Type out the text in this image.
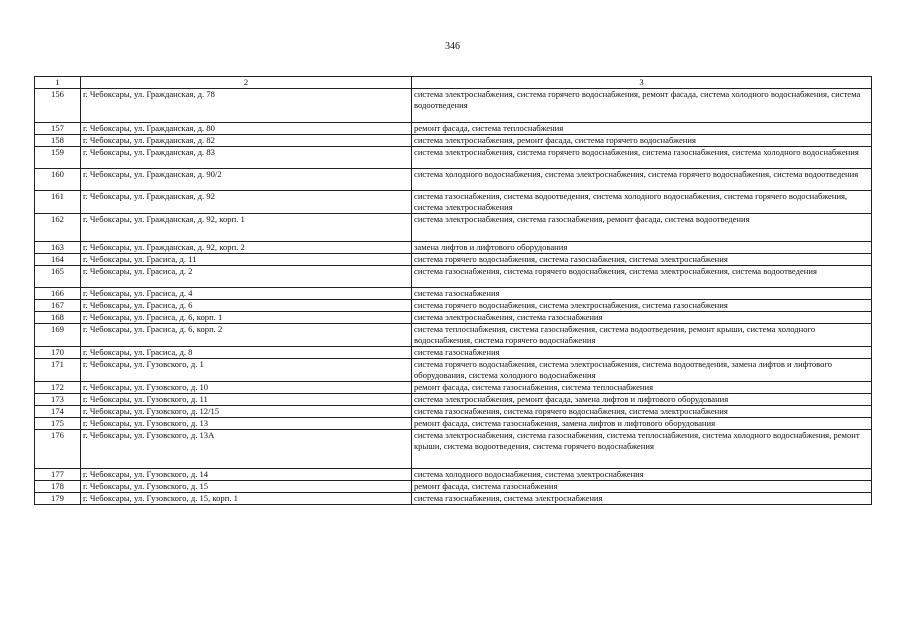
346
1	2	3
156	г. Чебоксары, ул. Гражданская, д. 78	система электроснабжения, система горячего водоснабжения, ремонт фасада, система холодного водоснабжения, система водоотведения
157	г. Чебоксары, ул. Гражданская, д. 80	ремонт фасада, система теплоснабжения
158	г. Чебоксары, ул. Гражданская, д. 82	система электроснабжения, ремонт фасада, система горячего водоснабжения
159	г. Чебоксары, ул. Гражданская, д. 83	система электроснабжения, система горячего водоснабжения, система газоснабжения, система холодного водоснабжения
160	г. Чебоксары, ул. Гражданская, д. 90/2	система холодного водоснабжения, система электроснабжения, система горячего водоснабжения, система водоотведения
161	г. Чебоксары, ул. Гражданская, д. 92	система газоснабжения, система водоотведения, система холодного водоснабжения, система горячего водоснабжения, система электроснабжения
162	г. Чебоксары, ул. Гражданская, д. 92, корп. 1	система электроснабжения, система газоснабжения, ремонт фасада, система водоотведения
163	г. Чебоксары, ул. Гражданская, д. 92, корп. 2	замена лифтов и лифтового оборудования
164	г. Чебоксары, ул. Грасиса, д. 11	система горячего водоснабжения, система газоснабжения, система электроснабжения
165	г. Чебоксары, ул. Грасиса, д. 2	система газоснабжения, система горячего водоснабжения, система электроснабжения, система водоотведения
166	г. Чебоксары, ул. Грасиса, д. 4	система газоснабжения
167	г. Чебоксары, ул. Грасиса, д. 6	система горячего водоснабжения, система электроснабжения, система газоснабжения
168	г. Чебоксары, ул. Грасиса, д. 6, корп. 1	система электроснабжения, система газоснабжения
169	г. Чебоксары, ул. Грасиса, д. 6, корп. 2	система теплоснабжения, система газоснабжения, система водоотведения, ремонт крыши, система холодного водоснабжения, система горячего водоснабжения
170	г. Чебоксары, ул. Грасиса, д. 8	система газоснабжения
171	г. Чебоксары, ул. Гузовского, д. 1	система горячего водоснабжения, система электроснабжения, система водоотведения, замена лифтов и лифтового оборудования, система холодного водоснабжения
172	г. Чебоксары, ул. Гузовского, д. 10	ремонт фасада, система газоснабжения, система теплоснабжения
173	г. Чебоксары, ул. Гузовского, д. 11	система электроснабжения, ремонт фасада, замена лифтов и лифтового оборудования
174	г. Чебоксары, ул. Гузовского, д. 12/15	система газоснабжения, система горячего водоснабжения, система электроснабжения
175	г. Чебоксары, ул. Гузовского, д. 13	ремонт фасада, система газоснабжения, замена лифтов и лифтового оборудования
176	г. Чебоксары, ул. Гузовского, д. 13А	система электроснабжения, система газоснабжения, система теплоснабжения, система холодного водоснабжения, ремонт крыши, система водоотведения, система горячего водоснабжения
177	г. Чебоксары, ул. Гузовского, д. 14	система холодного водоснабжения, система электроснабжения
178	г. Чебоксары, ул. Гузовского, д. 15	ремонт фасада, система газоснабжения
179	г. Чебоксары, ул. Гузовского, д. 15, корп. 1	система газоснабжения, система электроснабжения
